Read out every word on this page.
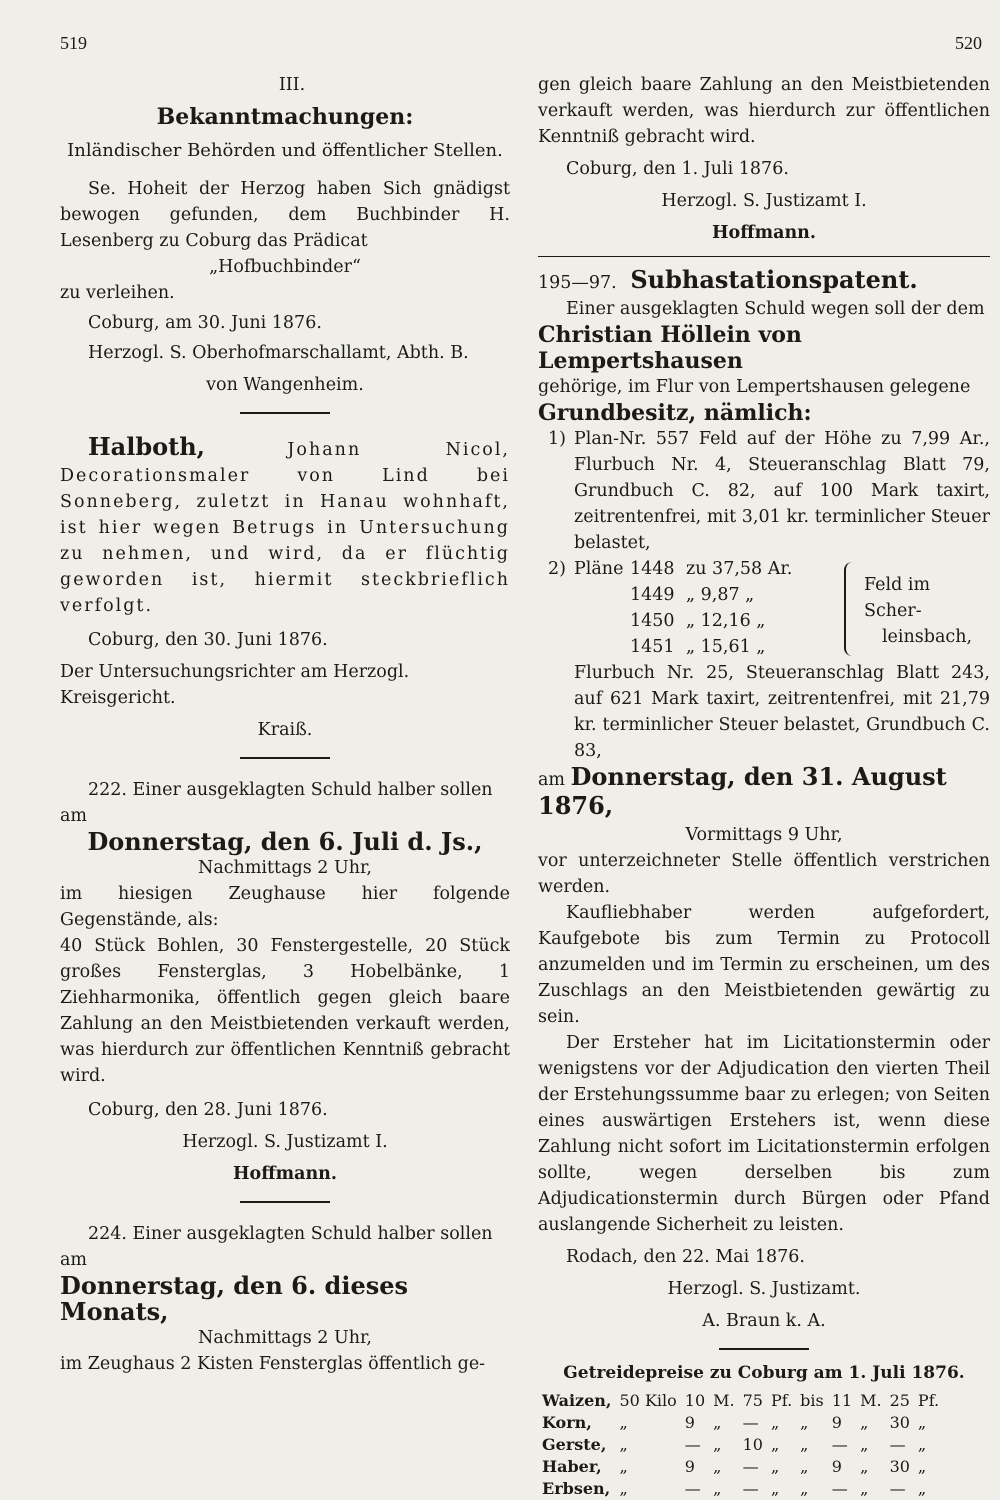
519	520
III.
Bekanntmachungen:
Inländischer Behörden und öffentlicher Stellen.
Se. Hoheit der Herzog haben Sich gnädigst bewogen gefunden, dem Buchbinder H. Lesenberg zu Coburg das Prädicat
„Hofbuchbinder“
zu verleihen.
Coburg, am 30. Juni 1876.
Herzogl. S. Oberhofmarschallamt, Abth. B.
von Wangenheim.
Halboth,	Johann Nicol, Decorationsmaler von Lind bei Sonneberg, zuletzt in Hanau wohnhaft, ist hier wegen Betrugs in Untersuchung zu nehmen, und wird, da er flüchtig geworden ist, hiermit steckbrieflich verfolgt.
Coburg, den 30. Juni 1876.
Der Untersuchungsrichter am Herzogl. Kreisgericht.
Kraiß.
222. Einer ausgeklagten Schuld halber sollen am
Donnerstag, den 6. Juli d. Js.,
Nachmittags 2 Uhr,
im hiesigen Zeughause hier folgende Gegenstände, als:
40 Stück Bohlen, 30 Fenstergestelle, 20 Stück großes Fensterglas, 3 Hobelbänke, 1 Ziehharmonika, öffentlich gegen gleich baare Zahlung an den Meistbietenden verkauft werden, was hierdurch zur öffentlichen Kenntniß gebracht wird.
Coburg, den 28. Juni 1876.
Herzogl. S. Justizamt I.
Hoffmann.
224. Einer ausgeklagten Schuld halber sollen am
Donnerstag, den 6. dieses Monats,
Nachmittags 2 Uhr,
im Zeughaus 2 Kisten Fensterglas öffentlich ge-
gen gleich baare Zahlung an den Meistbietenden verkauft werden, was hierdurch zur öffentlichen Kenntniß gebracht wird.
Coburg, den 1. Juli 1876.
Herzogl. S. Justizamt I.
Hoffmann.
195—97. Subhastationspatent.
Einer ausgeklagten Schuld wegen soll der dem
Christian Höllein von Lempertshausen
gehörige, im Flur von Lempertshausen gelegene
Grundbesitz, nämlich:
1) Plan-Nr. 557 Feld auf der Höhe zu 7,99 Ar., Flurbuch Nr. 4, Steueranschlag Blatt 79, Grundbuch C. 82, auf 100 Mark taxirt, zeitrentenfrei, mit 3,01 kr. terminlicher Steuer belastet,
2) Pläne 1448 zu 37,58 Ar.
1449 „ 9,87 „
1450 „ 12,16 „
1451 „ 15,61 „
Feld im Scher-
leinsbach,
Flurbuch Nr. 25, Steueranschlag Blatt 243, auf 621 Mark taxirt, zeitrentenfrei, mit 21,79 kr. terminlicher Steuer belastet, Grundbuch C. 83,
am Donnerstag, den 31. August 1876,
Vormittags 9 Uhr,
vor unterzeichneter Stelle öffentlich verstrichen werden.
Kaufliebhaber werden aufgefordert, Kaufgebote bis zum Termin zu Protocoll anzumelden und im Termin zu erscheinen, um des Zuschlags an den Meistbietenden gewärtig zu sein.
Der Ersteher hat im Licitationstermin oder wenigstens vor der Adjudication den vierten Theil der Erstehungssumme baar zu erlegen; von Seiten eines auswärtigen Erstehers ist, wenn diese Zahlung nicht sofort im Licitationstermin erfolgen sollte, wegen derselben bis zum Adjudicationstermin durch Bürgen oder Pfand auslangende Sicherheit zu leisten.
Rodach, den 22. Mai 1876.
Herzogl. S. Justizamt.
A. Braun k. A.
Getreidepreise zu Coburg am 1. Juli 1876.
Waizen,	50 Kilo	10	M.	75	Pf.	bis	11	M.	25	Pf.
Korn,	„	9	„	—	„	„	9	„	30	„
Gerste,	„	—	„	10	„	„	—	„	—	„
Haber,	„	9	„	—	„	„	9	„	30	„
Erbsen,	„	—	„	—	„	„	—	„	—	„
